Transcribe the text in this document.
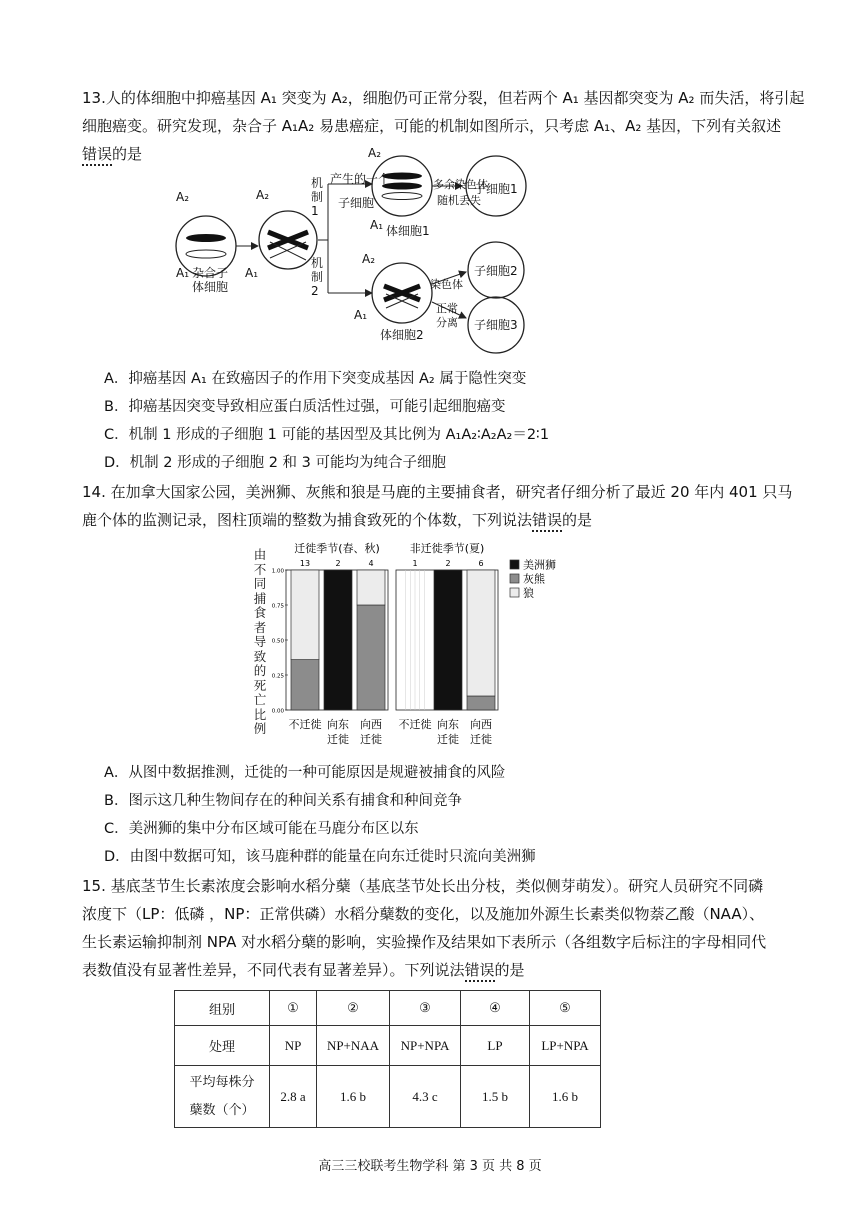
13.人的体细胞中抑癌基因 A₁ 突变为 A₂，细胞仍可正常分裂，但若两个 A₁ 基因都突变为 A₂ 而失活，将引起
细胞癌变。研究发现，杂合子 A₁A₂ 易患癌症，可能的机制如图所示，只考虑 A₁、A₂ 基因，下列有关叙述
错误的是
A₂
A₁ 杂合子
体细胞
A₂
A₁
机
制
1
机
制
2
产生的一个
子细胞
A₂
A₁ 体细胞1
多余染色体
随机丢失
子细胞1
A₂
A₁
体细胞2
染色体
正常
分离
子细胞2
子细胞3
A．抑癌基因 A₁ 在致癌因子的作用下突变成基因 A₂ 属于隐性突变
B．抑癌基因突变导致相应蛋白质活性过强，可能引起细胞癌变
C．机制 1 形成的子细胞 1 可能的基因型及其比例为 A₁A₂∶A₂A₂＝2∶1
D．机制 2 形成的子细胞 2 和 3 可能均为纯合子细胞
14. 在加拿大国家公园，美洲狮、灰熊和狼是马鹿的主要捕食者，研究者仔细分析了最近 20 年内 401 只马
鹿个体的监测记录，图柱顶端的整数为捕食致死的个体数，下列说法错误的是
由不同捕食者导致的死亡比例
0.00
0.25
0.50
0.75
1.00
迁徙季节(春、秋)
13
不迁徙
2
向东
迁徙
4
向西
迁徙
非迁徙季节(夏)
1
不迁徙
2
向东
迁徙
6
向西
迁徙
美洲狮
灰熊
狼
A．从图中数据推测，迁徙的一种可能原因是规避被捕食的风险
B．图示这几种生物间存在的种间关系有捕食和种间竞争
C．美洲狮的集中分布区域可能在马鹿分布区以东
D．由图中数据可知，该马鹿种群的能量在向东迁徙时只流向美洲狮
15. 基底茎节生长素浓度会影响水稻分蘖（基底茎节处长出分枝，类似侧芽萌发）。研究人员研究不同磷
浓度下（LP：低磷 ，NP：正常供磷）水稻分蘖数的变化，以及施加外源生长素类似物萘乙酸（NAA）、
生长素运输抑制剂 NPA 对水稻分蘖的影响，实验操作及结果如下表所示（各组数字后标注的字母相同代
表数值没有显著性差异，不同代表有显著差异）。下列说法错误的是
组别	①	②	③	④	⑤
处理	NP	NP+NAA	NP+NPA	LP	LP+NPA
平均每株分
蘖数（个）	2.8 a	1.6 b	4.3 c	1.5 b	1.6 b
高三三校联考生物学科 第 3 页 共 8 页
